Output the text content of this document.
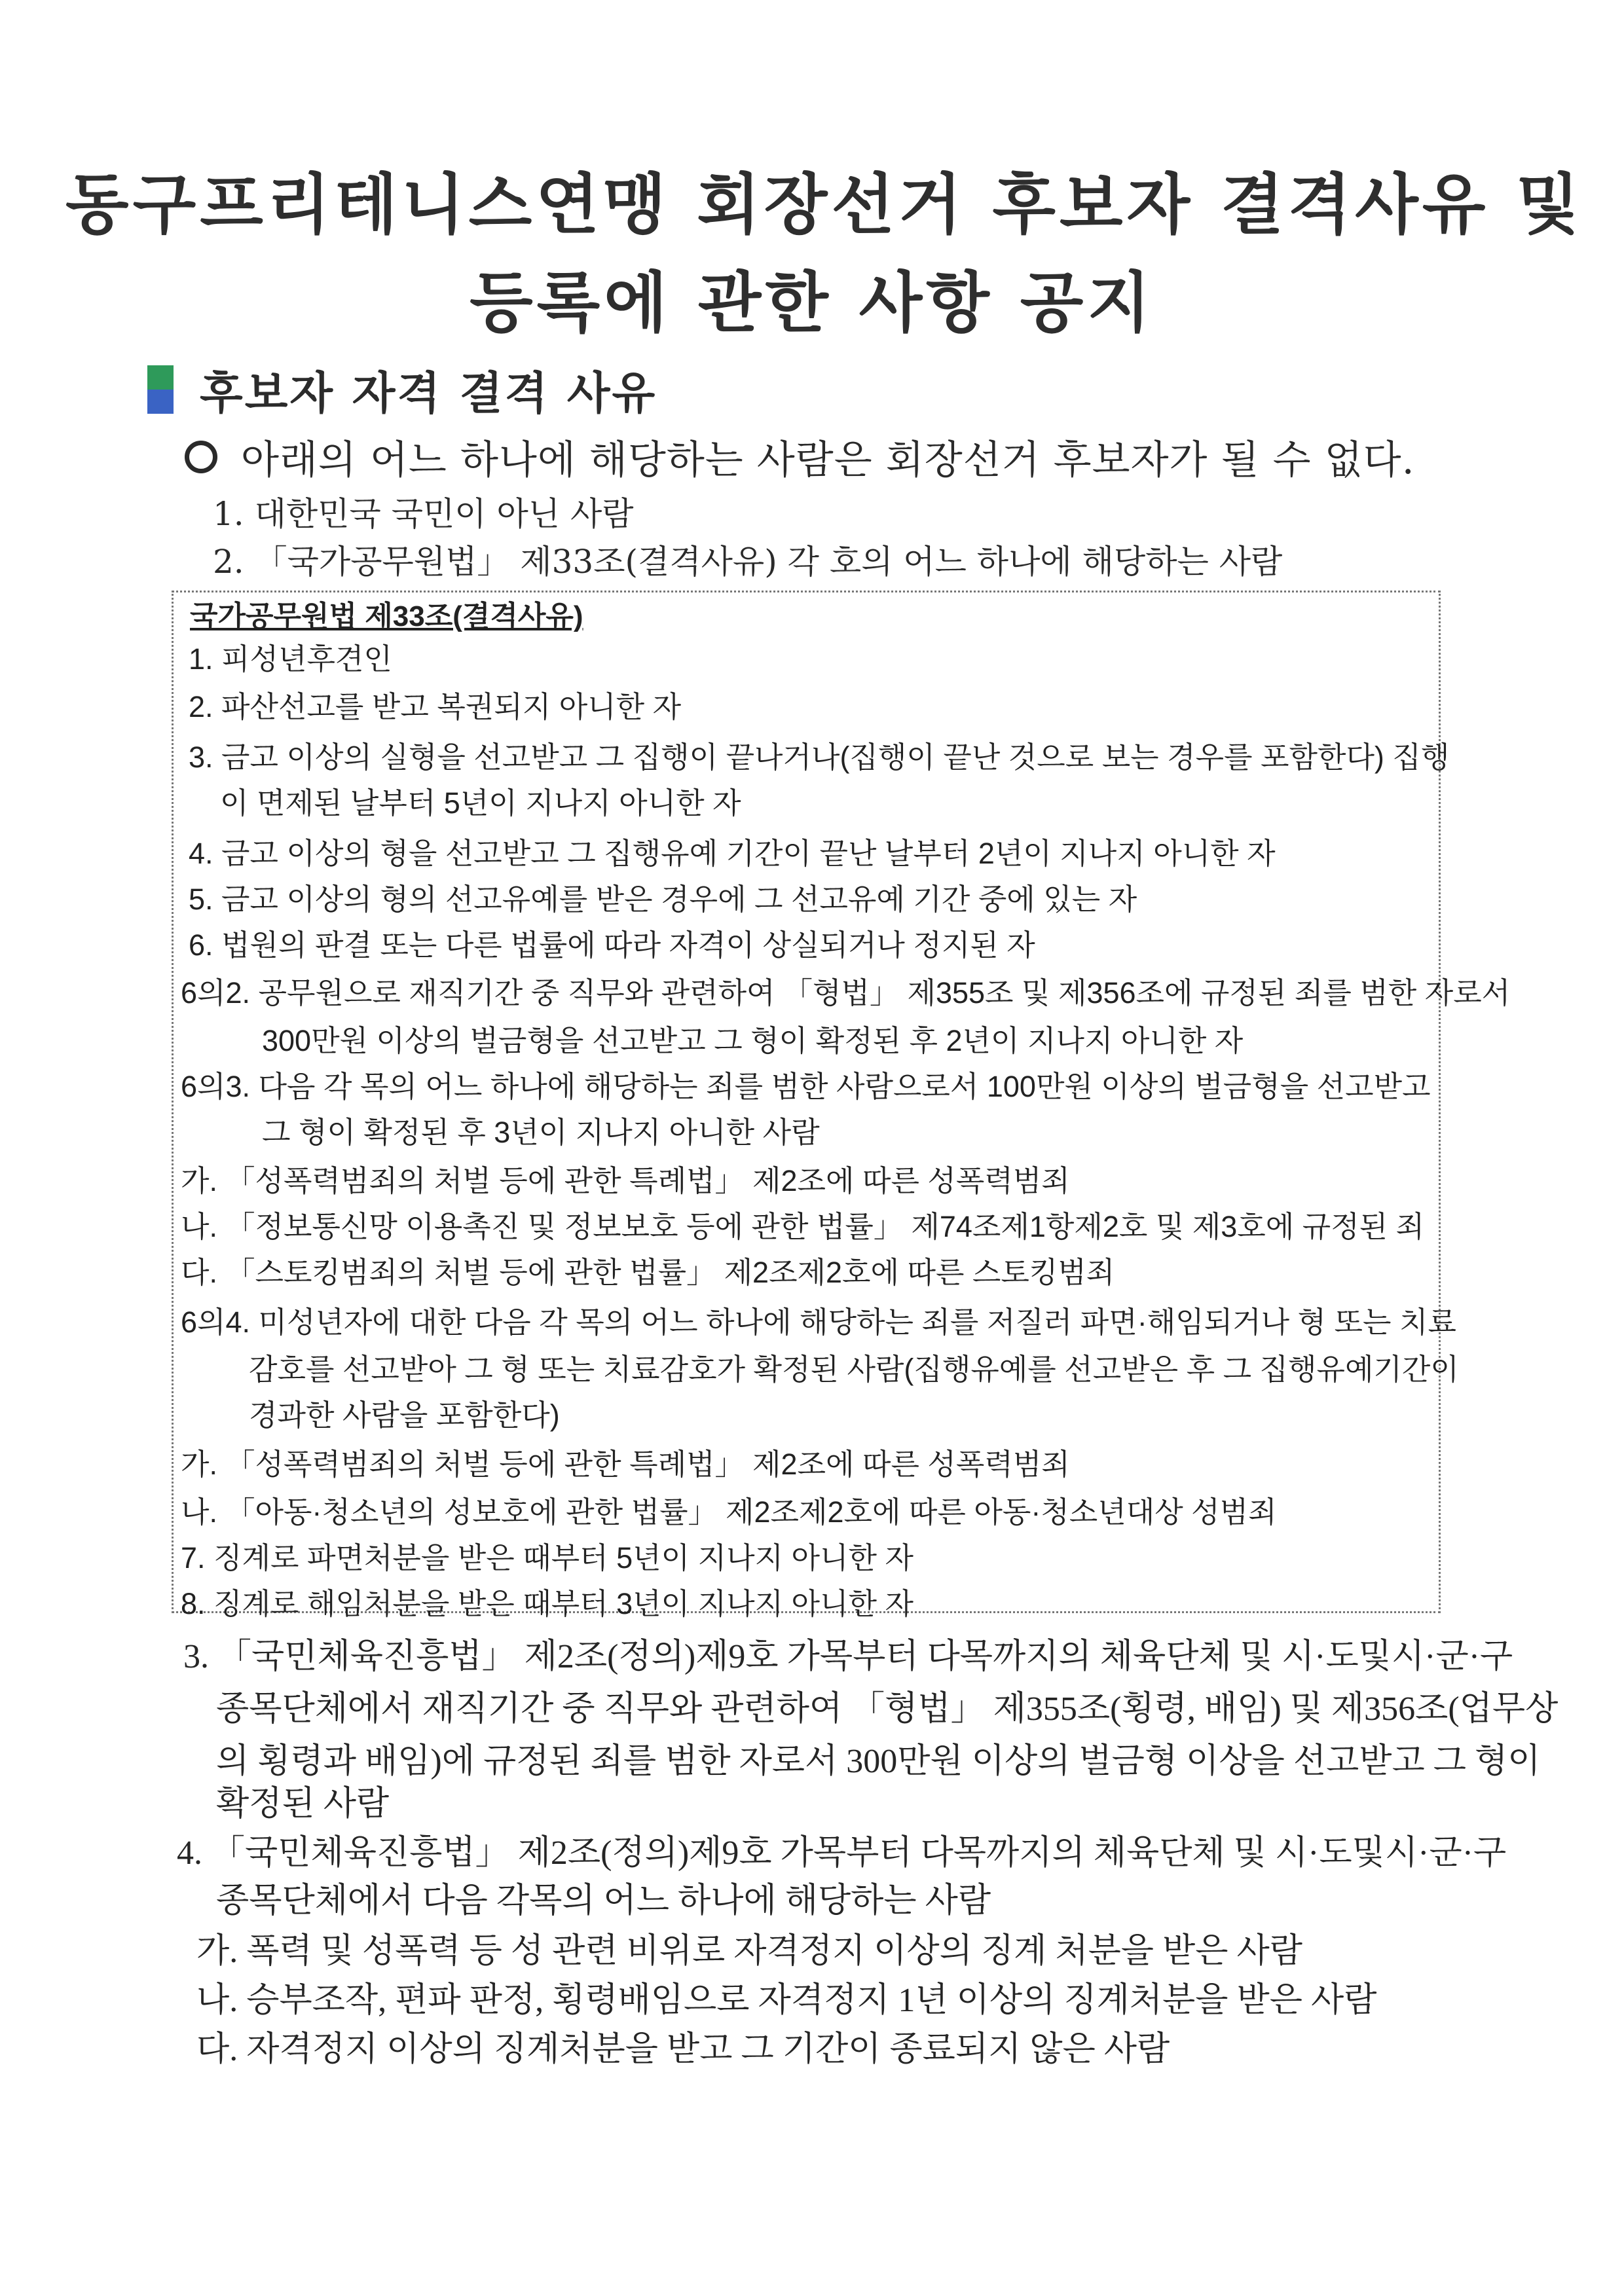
동구프리테니스연맹 회장선거 후보자 결격사유 및
등록에 관한 사항 공지
후보자 자격 결격 사유
아래의 어느 하나에 해당하는 사람은 회장선거 후보자가 될 수 없다.
1. 대한민국 국민이 아닌 사람
2. 「국가공무원법」 제33조(결격사유) 각 호의 어느 하나에 해당하는 사람
국가공무원법 제33조(결격사유)
1. 피성년후견인
2. 파산선고를 받고 복권되지 아니한 자
3. 금고 이상의 실형을 선고받고 그 집행이 끝나거나(집행이 끝난 것으로 보는 경우를 포함한다) 집행
이 면제된 날부터 5년이 지나지 아니한 자
4. 금고 이상의 형을 선고받고 그 집행유예 기간이 끝난 날부터 2년이 지나지 아니한 자
5. 금고 이상의 형의 선고유예를 받은 경우에 그 선고유예 기간 중에 있는 자
6. 법원의 판결 또는 다른 법률에 따라 자격이 상실되거나 정지된 자
6의2. 공무원으로 재직기간 중 직무와 관련하여 「형법」 제355조 및 제356조에 규정된 죄를 범한 자로서
300만원 이상의 벌금형을 선고받고 그 형이 확정된 후 2년이 지나지 아니한 자
6의3. 다음 각 목의 어느 하나에 해당하는 죄를 범한 사람으로서 100만원 이상의 벌금형을 선고받고
그 형이 확정된 후 3년이 지나지 아니한 사람
가. 「성폭력범죄의 처벌 등에 관한 특례법」 제2조에 따른 성폭력범죄
나. 「정보통신망 이용촉진 및 정보보호 등에 관한 법률」 제74조제1항제2호 및 제3호에 규정된 죄
다. 「스토킹범죄의 처벌 등에 관한 법률」 제2조제2호에 따른 스토킹범죄
6의4. 미성년자에 대한 다음 각 목의 어느 하나에 해당하는 죄를 저질러 파면·해임되거나 형 또는 치료
감호를 선고받아 그 형 또는 치료감호가 확정된 사람(집행유예를 선고받은 후 그 집행유예기간이
경과한 사람을 포함한다)
가. 「성폭력범죄의 처벌 등에 관한 특례법」 제2조에 따른 성폭력범죄
나. 「아동·청소년의 성보호에 관한 법률」 제2조제2호에 따른 아동·청소년대상 성범죄
7. 징계로 파면처분을 받은 때부터 5년이 지나지 아니한 자
8. 징계로 해임처분을 받은 때부터 3년이 지나지 아니한 자
3. 「국민체육진흥법」 제2조(정의)제9호 가목부터 다목까지의 체육단체 및 시·도및시·군·구
종목단체에서 재직기간 중 직무와 관련하여 「형법」 제355조(횡령, 배임) 및 제356조(업무상
의 횡령과 배임)에 규정된 죄를 범한 자로서 300만원 이상의 벌금형 이상을 선고받고 그 형이
확정된 사람
4. 「국민체육진흥법」 제2조(정의)제9호 가목부터 다목까지의 체육단체 및 시·도및시·군·구
종목단체에서 다음 각목의 어느 하나에 해당하는 사람
가. 폭력 및 성폭력 등 성 관련 비위로 자격정지 이상의 징계 처분을 받은 사람
나. 승부조작, 편파 판정, 횡령배임으로 자격정지 1년 이상의 징계처분을 받은 사람
다. 자격정지 이상의 징계처분을 받고 그 기간이 종료되지 않은 사람
